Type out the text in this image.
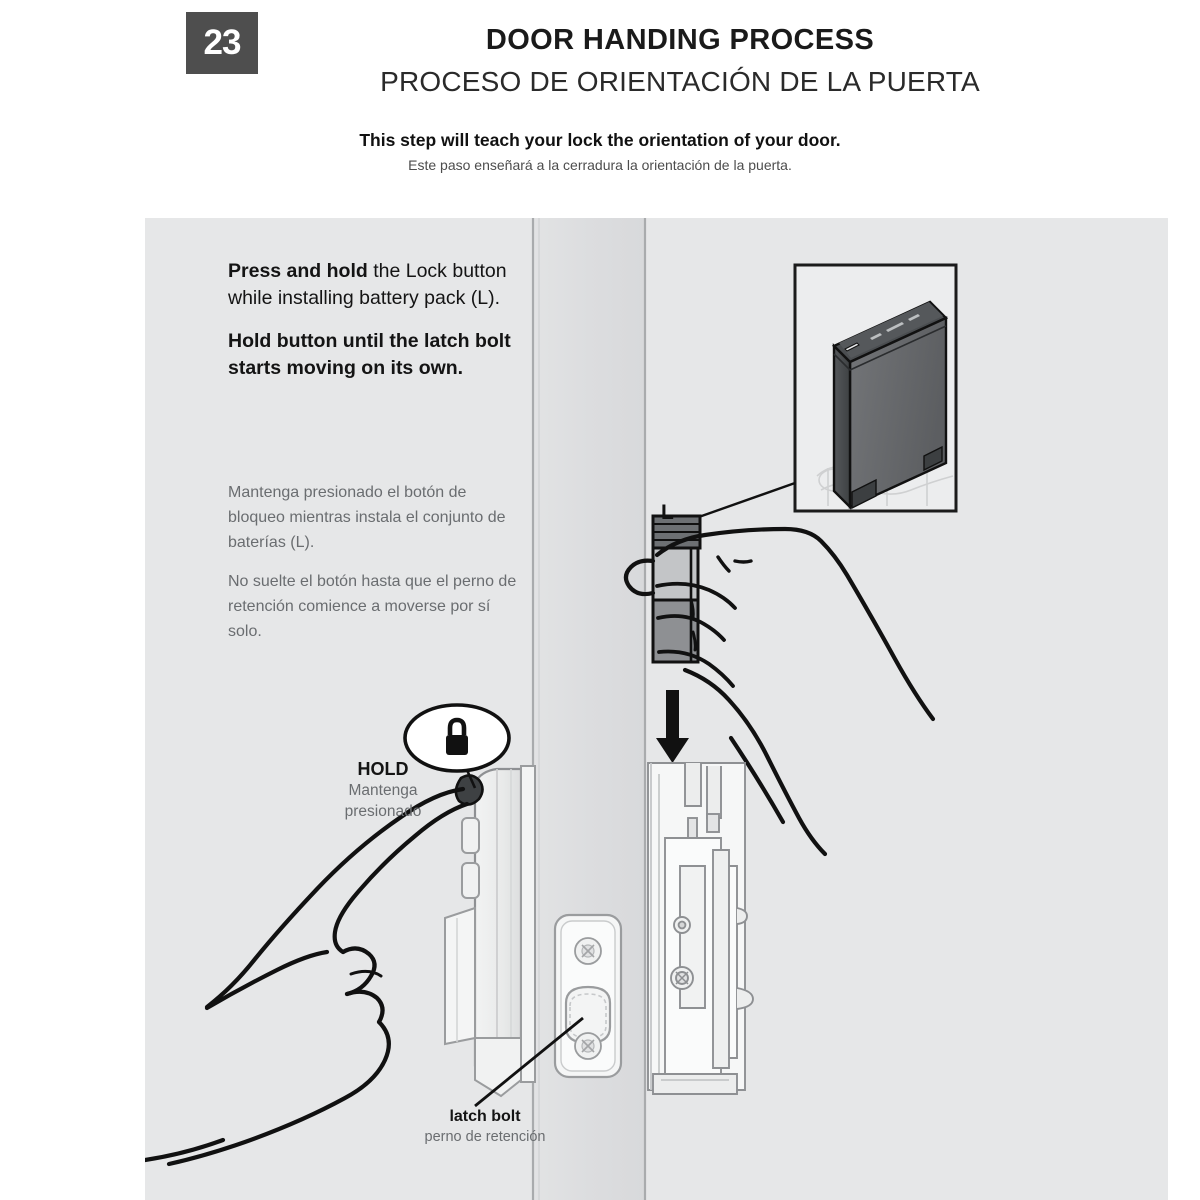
23	DOOR HANDING PROCESS
PROCESO DE ORIENTACIÓN DE LA PUERTA
This step will teach your lock the orientation of your door.
Este paso enseñará a la cerradura la orientación de la puerta.

Press and hold the Lock button while installing battery pack (L).

Hold button until the latch bolt starts moving on its own.

Mantenga presionado el botón de bloqueo mientras instala el conjunto de baterías (L).

No suelte el botón hasta que el perno de retención comience a moverse por sí solo.

HOLD
Mantenga presionado
latch bolt
perno de retención
L
